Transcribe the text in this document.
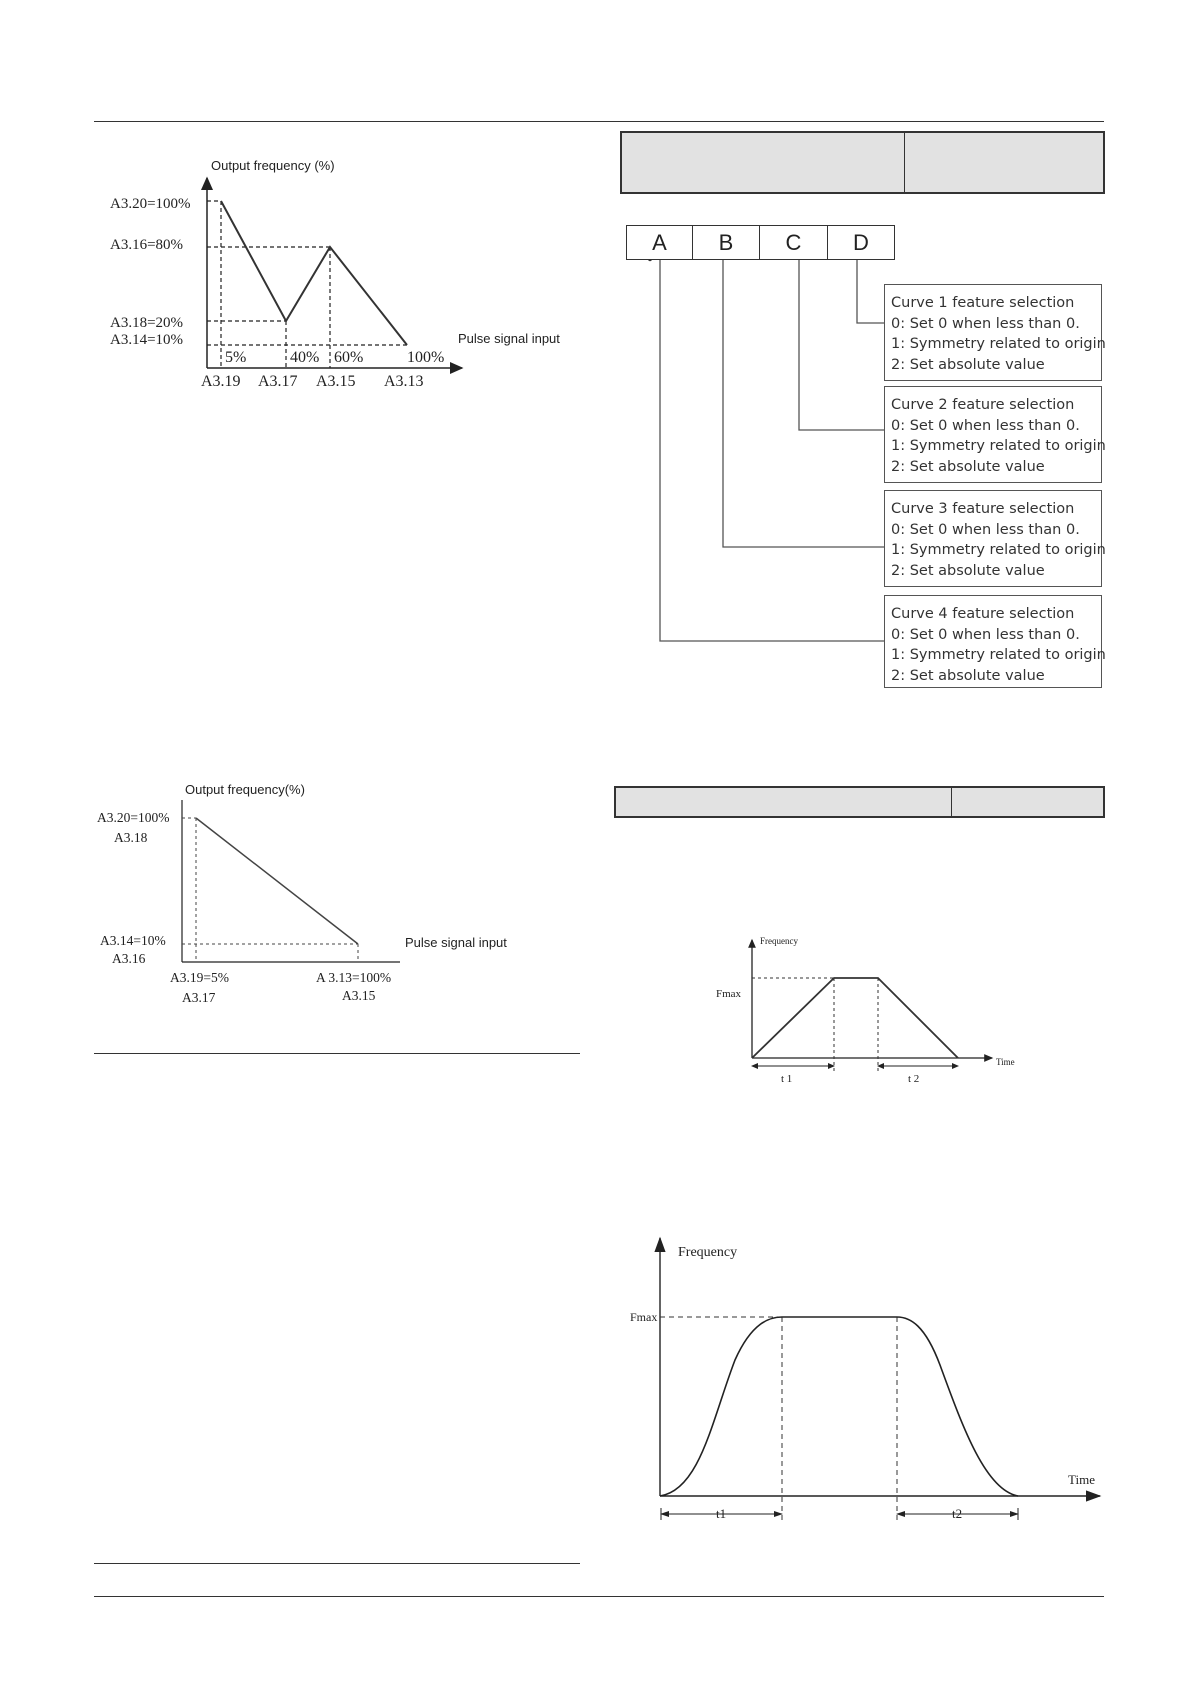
Output frequency (%)
Pulse signal input
A3.20=100%
A3.16=80%
A3.18=20%
A3.14=10%
5%	40% 60%	100%
A3.19 A3.17 A3.15 A3.13
Output frequency(%)
Pulse signal input
A3.20=100%
A3.18
A3.14=10%
A3.16
A3.19=5%
A3.17
A 3.13=100%
A3.15
A	B	C	D
Curve 1 feature selection
0: Set 0 when less than 0.
1: Symmetry related to origin
2: Set absolute value
Curve 2 feature selection
0: Set 0 when less than 0.
1: Symmetry related to origin
2: Set absolute value
Curve 3 feature selection
0: Set 0 when less than 0.
1: Symmetry related to origin
2: Set absolute value
Curve 4 feature selection
0: Set 0 when less than 0.
1: Symmetry related to origin
2: Set absolute value
Frequency
Fmax
Time
t 1	t 2
Frequency
Fmax
Time
t1	t2
